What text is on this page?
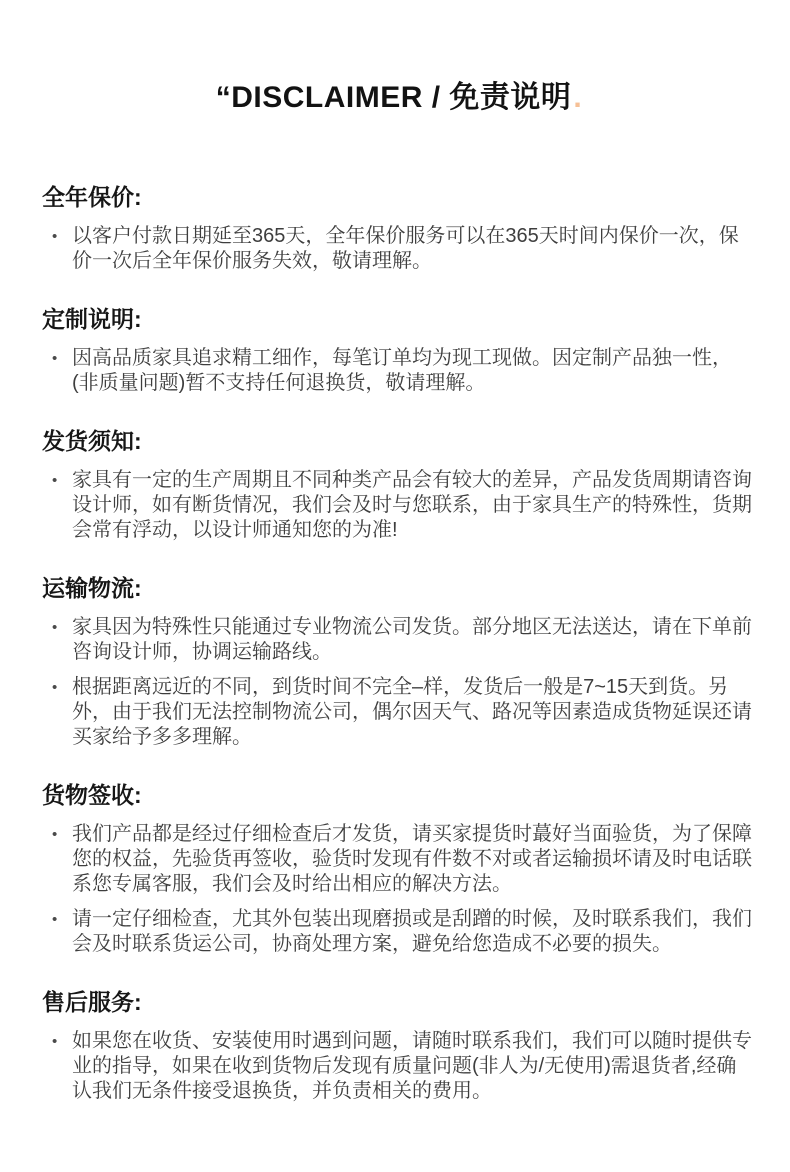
“DISCLAIMER / 免责说明.
全年保价:
• 以客户付款日期延至365天，全年保价服务可以在365天时间内保价一次，保价一次后全年保价服务失效，敬请理解。
定制说明:
• 因高品质家具追求精工细作，每笔订单均为现工现做。因定制产品独一性，(非质量问题)暂不支持任何退换货，敬请理解。
发货须知:
• 家具有一定的生产周期且不同种类产品会有较大的差异，产品发货周期请咨询设计师，如有断货情况，我们会及时与您联系，由于家具生产的特殊性，货期会常有浮动，以设计师通知您的为准!
运输物流:
• 家具因为特殊性只能通过专业物流公司发货。部分地区无法送达，请在下单前咨询设计师，协调运输路线。
• 根据距离远近的不同，到货时间不完全–样，发货后一般是7~15天到货。另外，由于我们无法控制物流公司，偶尔因天气、路况等因素造成货物延误还请买家给予多多理解。
货物签收:
• 我们产品都是经过仔细检查后才发货，请买家提货时蕞好当面验货，为了保障您的权益，先验货再签收，验货时发现有件数不对或者运输损坏请及时电话联系您专属客服，我们会及时给出相应的解决方法。
• 请一定仔细检查，尤其外包装出现磨损或是刮蹭的时候，及时联系我们，我们会及时联系货运公司，协商处理方案，避免给您造成不必要的损失。
售后服务:
• 如果您在收货、安装使用时遇到问题，请随时联系我们，我们可以随时提供专业的指导，如果在收到货物后发现有质量问题(非人为/无使用)需退货者,经确认我们无条件接受退换货，并负责相关的费用。
